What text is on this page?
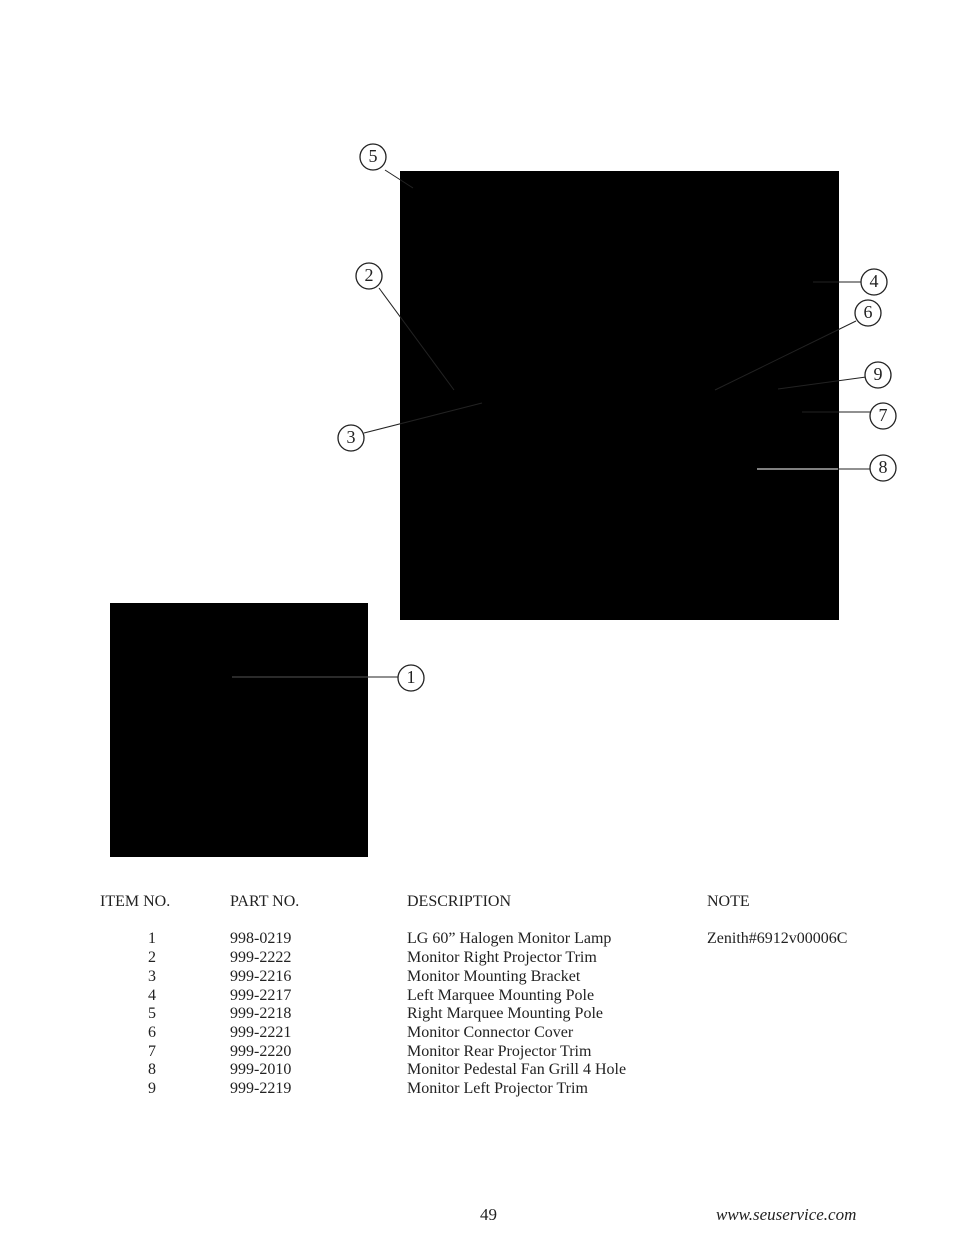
5
2
3
4
6
9
7
8
1
ITEM NO.	PART NO.	DESCRIPTION	NOTE
1	998-0219	LG 60” Halogen Monitor Lamp	Zenith#6912v00006C
2	999-2222	Monitor Right Projector Trim	
3	999-2216	Monitor Mounting Bracket	
4	999-2217	Left Marquee Mounting Pole	
5	999-2218	Right Marquee Mounting Pole	
6	999-2221	Monitor Connector Cover	
7	999-2220	Monitor Rear Projector Trim	
8	999-2010	Monitor Pedestal Fan Grill 4 Hole	
9	999-2219	Monitor Left Projector Trim	
49	www.seuservice.com
